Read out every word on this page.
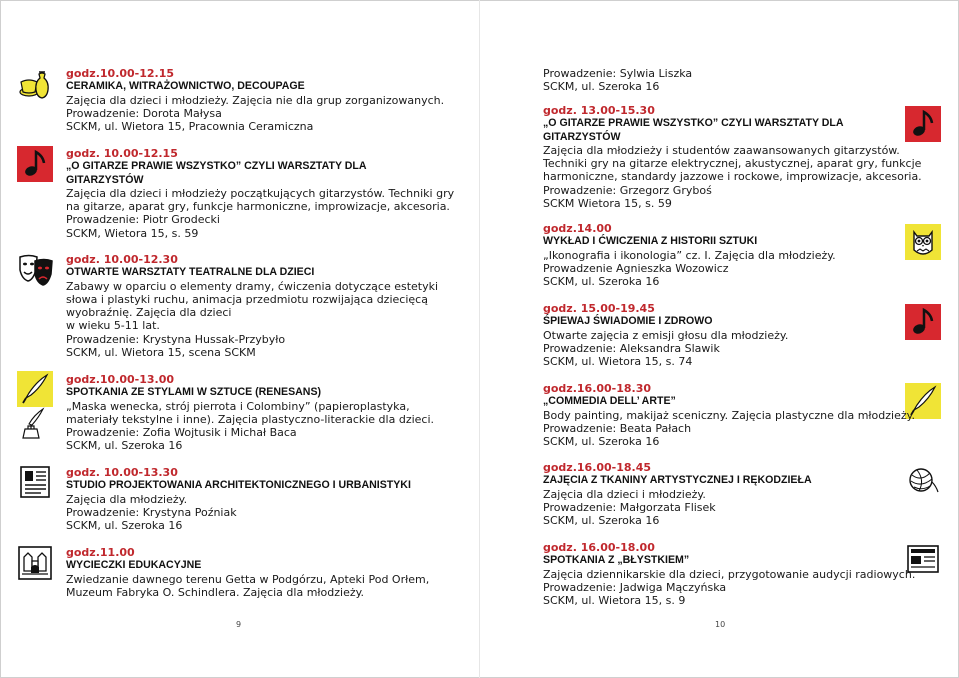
godz.10.00-12.15
CERAMIKA, WITRAŻOWNICTWO, DECOUPAGE
Zajęcia dla dzieci i młodzieży. Zajęcia nie dla grup zorganizowanych.
Prowadzenie: Dorota Małysa
SCKM, ul. Wietora 15, Pracownia Ceramiczna
godz. 10.00-12.15
„O GITARZE PRAWIE WSZYSTKO” CZYLI WARSZTATY DLA
GITARZYSTÓW
Zajęcia dla dzieci i młodzieży początkujących gitarzystów. Techniki gry
na gitarze, aparat gry, funkcje harmoniczne, improwizacje, akcesoria.
Prowadzenie: Piotr Grodecki
SCKM, Wietora 15, s. 59
godz. 10.00-12.30
OTWARTE WARSZTATY TEATRALNE DLA DZIECI
Zabawy w oparciu o elementy dramy, ćwiczenia dotyczące estetyki
słowa i plastyki ruchu, animacja przedmiotu rozwijająca dziecięcą
wyobraźnię. Zajęcia dla dzieci
w wieku 5-11 lat.
Prowadzenie: Krystyna Hussak-Przybyło
SCKM, ul. Wietora 15, scena SCKM
godz.10.00-13.00
SPOTKANIA ZE STYLAMI W SZTUCE (RENESANS)
„Maska wenecka, strój pierrota i Colombiny” (papieroplastyka,
materiały tekstylne i inne). Zajęcia plastyczno-literackie dla dzieci.
Prowadzenie: Zofia Wojtusik i Michał Baca
SCKM, ul. Szeroka 16
godz. 10.00-13.30
STUDIO PROJEKTOWANIA ARCHITEKTONICZNEGO I URBANISTYKI
Zajęcia dla młodzieży.
Prowadzenie: Krystyna Poźniak
SCKM, ul. Szeroka 16
godz.11.00
WYCIECZKI EDUKACYJNE
Zwiedzanie dawnego terenu Getta w Podgórzu, Apteki Pod Orłem,
Muzeum Fabryka O. Schindlera. Zajęcia dla młodzieży.
9
Prowadzenie: Sylwia Liszka
SCKM, ul. Szeroka 16
godz. 13.00-15.30
„O GITARZE PRAWIE WSZYSTKO” CZYLI WARSZTATY DLA
GITARZYSTÓW
Zajęcia dla młodzieży i studentów zaawansowanych gitarzystów.
Techniki gry na gitarze elektrycznej, akustycznej, aparat gry, funkcje
harmoniczne, standardy jazzowe i rockowe, improwizacje, akcesoria.
Prowadzenie: Grzegorz Gryboś
SCKM Wietora 15, s. 59
godz.14.00
WYKŁAD I ĆWICZENIA Z HISTORII SZTUKI
„Ikonografia i ikonologia” cz. I. Zajęcia dla młodzieży.
Prowadzenie Agnieszka Wozowicz
SCKM, ul. Szeroka 16
godz. 15.00-19.45
ŚPIEWAJ ŚWIADOMIE I ZDROWO
Otwarte zajęcia z emisji głosu dla młodzieży.
Prowadzenie: Aleksandra Slawik
SCKM, ul. Wietora 15, s. 74
godz.16.00-18.30
„COMMEDIA DELL’ ARTE”
Body painting, makijaż sceniczny. Zajęcia plastyczne dla młodzieży.
Prowadzenie: Beata Pałach
SCKM, ul. Szeroka 16
godz.16.00-18.45
ZAJĘCIA Z TKANINY ARTYSTYCZNEJ I RĘKODZIEŁA
Zajęcia dla dzieci i młodzieży.
Prowadzenie: Małgorzata Flisek
SCKM, ul. Szeroka 16
godz. 16.00-18.00
SPOTKANIA Z „BŁYSTKIEM”
Zajęcia dziennikarskie dla dzieci, przygotowanie audycji radiowych.
Prowadzenie: Jadwiga Mączyńska
SCKM, ul. Wietora 15, s. 9
10
